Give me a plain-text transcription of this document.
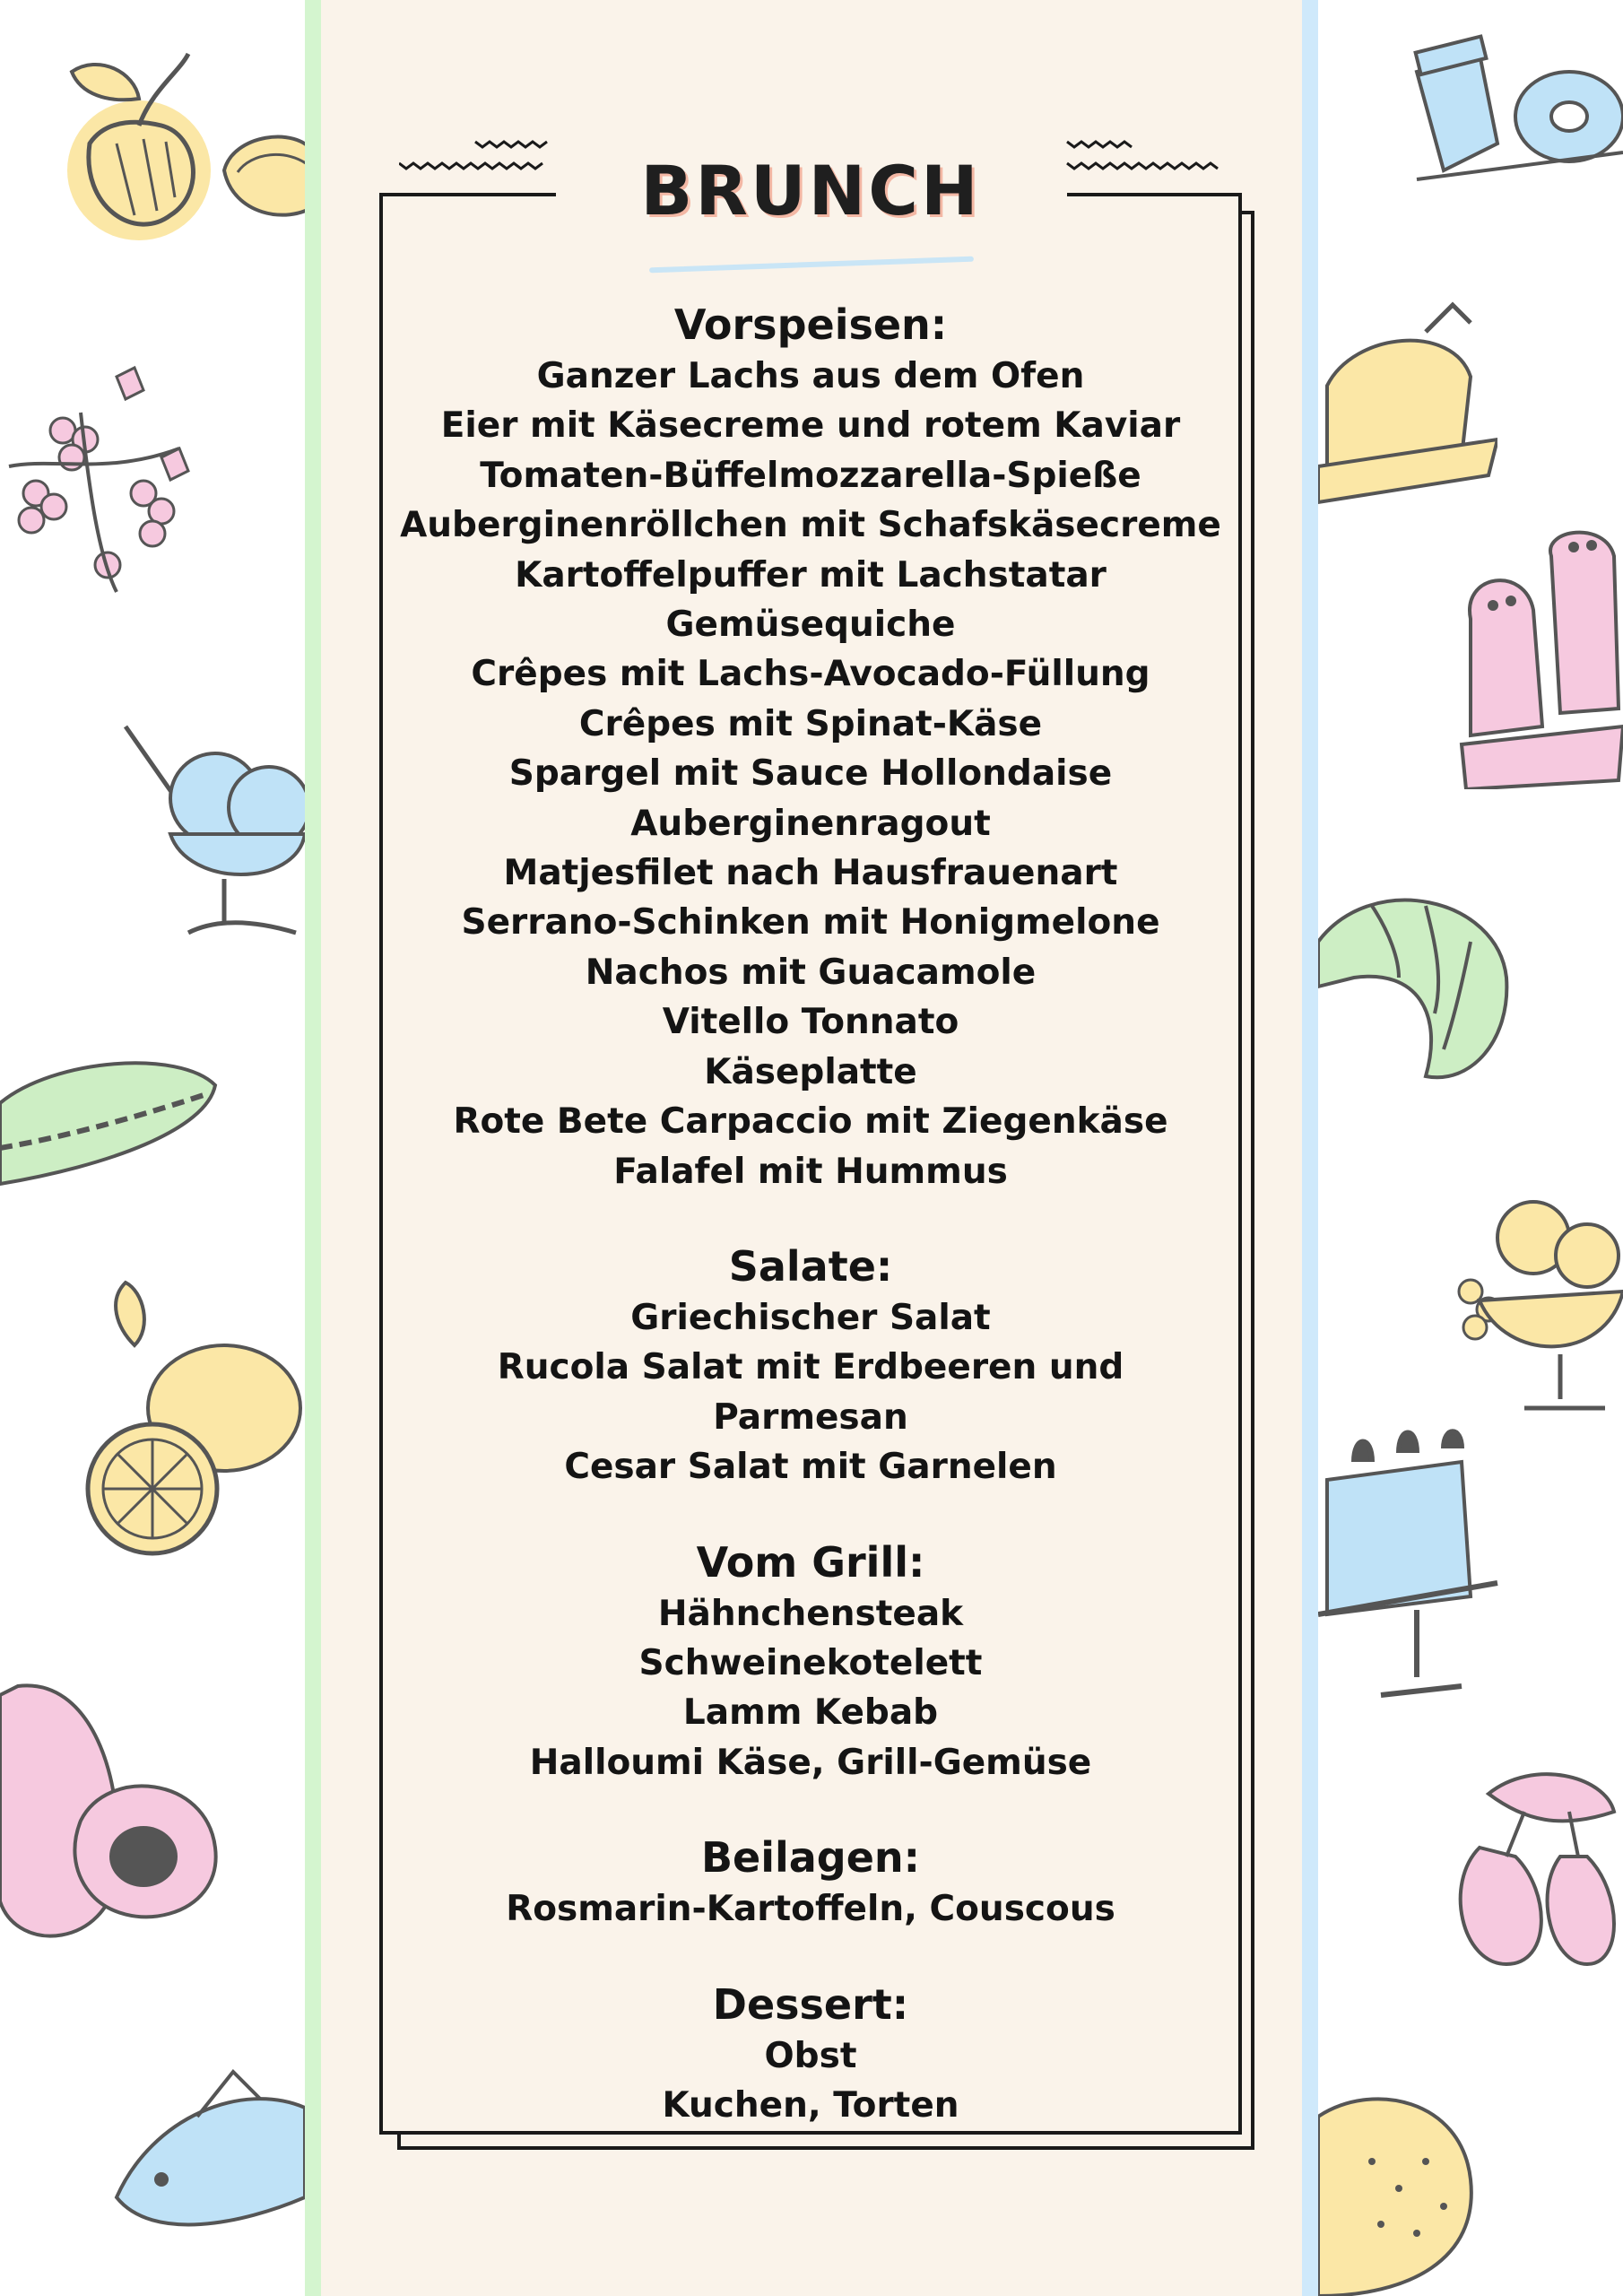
BRUNCH

Vorspeisen:

Ganzer Lachs aus dem Ofen

Eier mit Käsecreme und rotem Kaviar

Tomaten-Büffelmozzarella-Spieße

Auberginenröllchen mit Schafskäsecreme

Kartoffelpuffer mit Lachstatar

Gemüsequiche

Crêpes mit Lachs-Avocado-Füllung

Crêpes mit Spinat-Käse

Spargel mit Sauce Hollondaise

Auberginenragout

Matjesfilet nach Hausfrauenart

Serrano-Schinken mit Honigmelone

Nachos mit Guacamole

Vitello Tonnato

Käseplatte

Rote Bete Carpaccio mit Ziegenkäse

Falafel mit Hummus

Salate:

Griechischer Salat

Rucola Salat mit Erdbeeren und Parmesan

Cesar Salat mit Garnelen

Vom Grill:

Hähnchensteak

Schweinekotelett

Lamm Kebab

Halloumi Käse, Grill-Gemüse

Beilagen:

Rosmarin-Kartoffeln, Couscous

Dessert:

Obst

Kuchen, Torten
